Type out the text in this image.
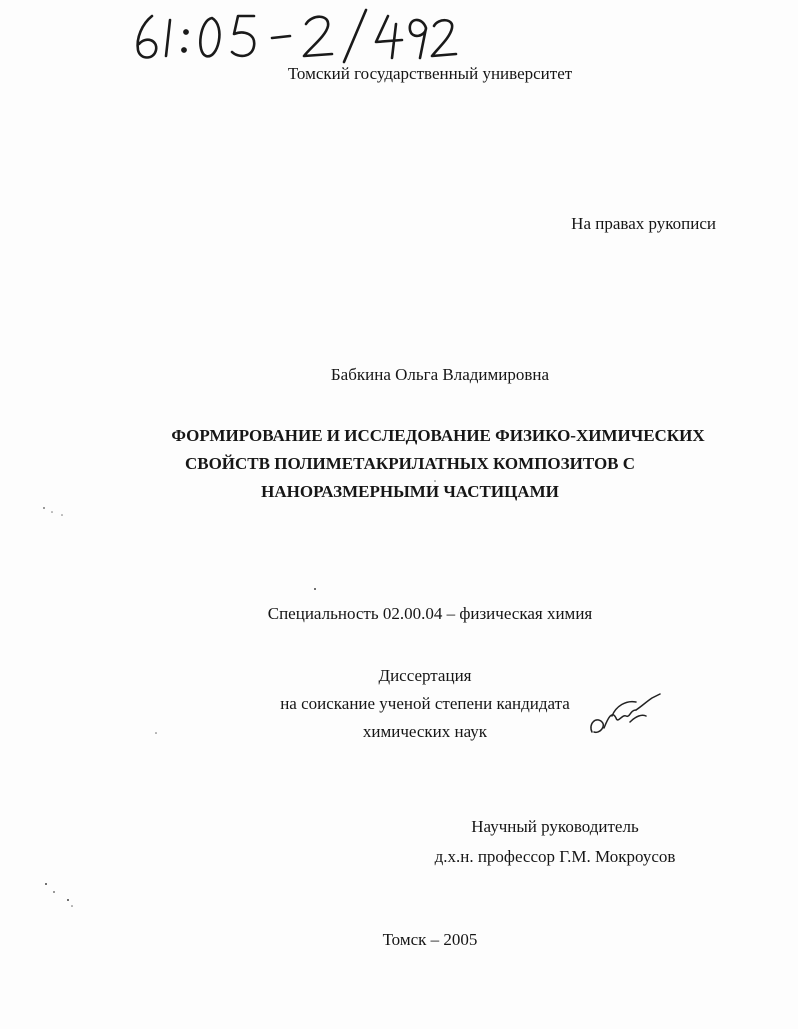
Томский государственный университет
На правах рукописи
Бабкина Ольга Владимировна
ФОРМИРОВАНИЕ И ИССЛЕДОВАНИЕ ФИЗИКО-ХИМИЧЕСКИХ
СВОЙСТВ ПОЛИМЕТАКРИЛАТНЫХ КОМПОЗИТОВ С
НАНОРАЗМЕРНЫМИ ЧАСТИЦАМИ
Специальность 02.00.04 – физическая химия
Диссертация
на соискание ученой степени кандидата
химических наук
Научный руководитель
д.х.н. профессор Г.М. Мокроусов
Томск – 2005
